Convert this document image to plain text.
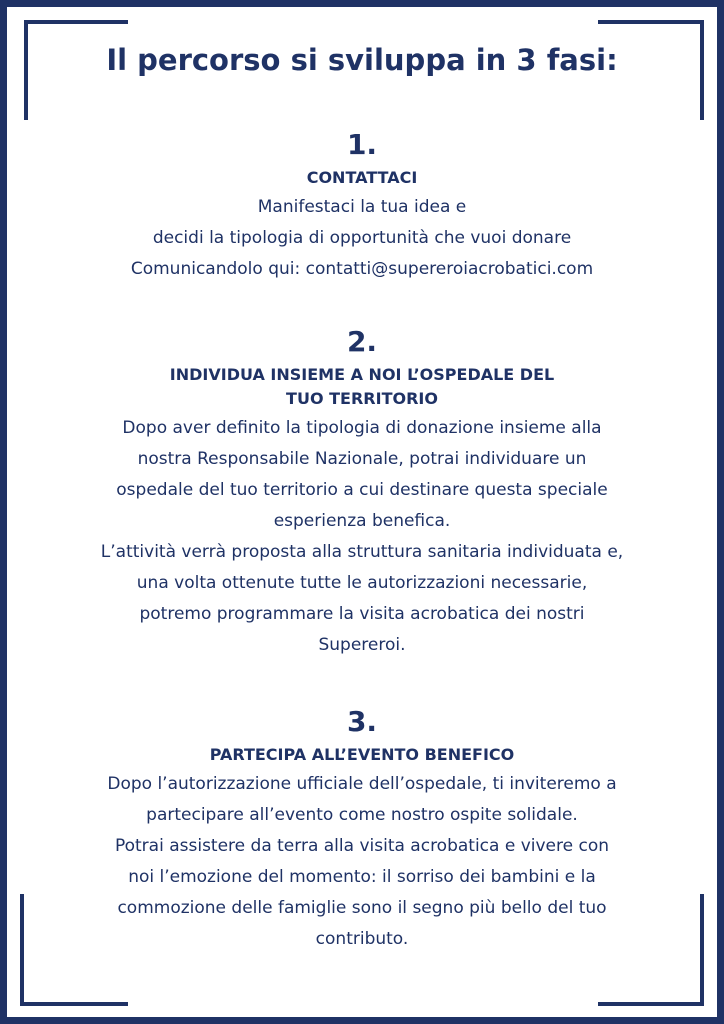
Il percorso si sviluppa in 3 fasi:
1.
CONTATTACI
Manifestaci la tua idea e
decidi la tipologia di opportunità che vuoi donare
Comunicandolo qui: contatti@supereroiacrobatici.com
2.
INDIVIDUA INSIEME A NOI L’OSPEDALE DEL
TUO TERRITORIO
Dopo aver definito la tipologia di donazione insieme alla
nostra Responsabile Nazionale, potrai individuare un
ospedale del tuo territorio a cui destinare questa speciale
esperienza benefica.
L’attività verrà proposta alla struttura sanitaria individuata e,
una volta ottenute tutte le autorizzazioni necessarie,
potremo programmare la visita acrobatica dei nostri
Supereroi.
3.
PARTECIPA ALL’EVENTO BENEFICO
Dopo l’autorizzazione ufficiale dell’ospedale, ti inviteremo a
partecipare all’evento come nostro ospite solidale.
Potrai assistere da terra alla visita acrobatica e vivere con
noi l’emozione del momento: il sorriso dei bambini e la
commozione delle famiglie sono il segno più bello del tuo
contributo.
